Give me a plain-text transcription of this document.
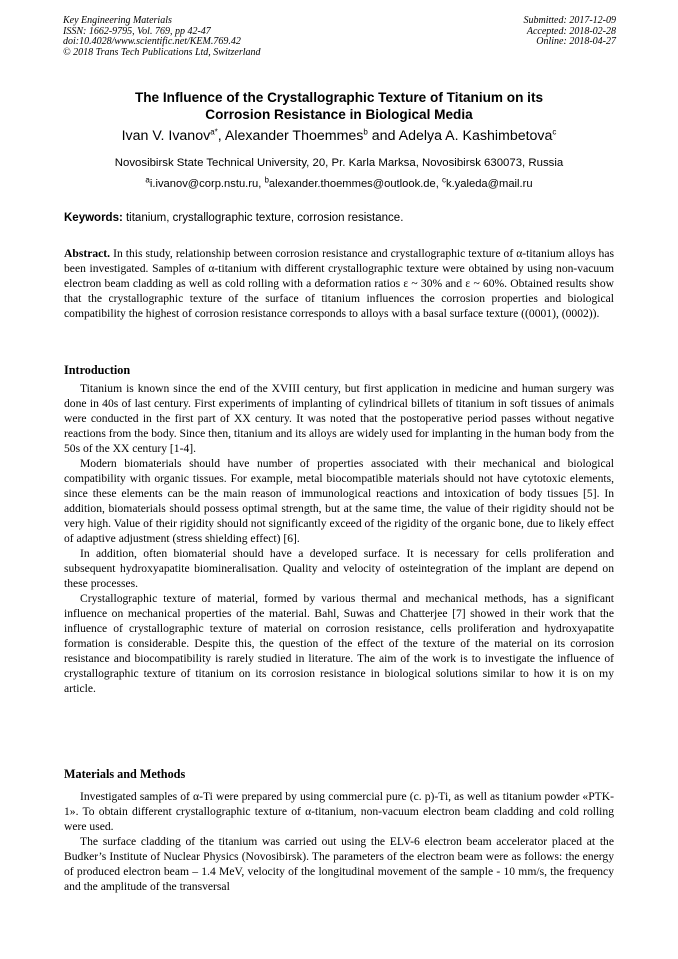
Key Engineering Materials
ISSN: 1662-9795, Vol. 769, pp 42-47
doi:10.4028/www.scientific.net/KEM.769.42
© 2018 Trans Tech Publications Ltd, Switzerland
Submitted: 2017-12-09
Accepted: 2018-02-28
Online: 2018-04-27
The Influence of the Crystallographic Texture of Titanium on its
Corrosion Resistance in Biological Media
Ivan V. Ivanov$^{a*}$, Alexander Thoemmes$^b$ and Adelya A. Kashimbetova$^c$
Novosibirsk State Technical University, 20, Pr. Karla Marksa, Novosibirsk 630073, Russia
$^a$i.ivanov@corp.nstu.ru, $^b$alexander.thoemmes@outlook.de, $^c$k.yaleda@mail.ru
Keywords: titanium, crystallographic texture, corrosion resistance.

Abstract. In this study, relationship between corrosion resistance and crystallographic texture of α-titanium alloys has been investigated. Samples of α-titanium with different crystallographic texture were obtained by using non-vacuum electron beam cladding as well as cold rolling with a deformation ratios ε ~ 30% and ε ~ 60%. Obtained results show that the crystallographic texture of the surface of titanium influences the corrosion properties and biological compatibility the highest of corrosion resistance corresponds to alloys with a basal surface texture ((0001), (0002)).

Introduction

Titanium is known since the end of the XVIII century, but first application in medicine and human surgery was done in 40s of last century. First experiments of implanting of cylindrical billets of titanium in soft tissues of animals were conducted in the first part of XX century. It was noted that the postoperative period passes without negative reactions from the body. Since then, titanium and its alloys are widely used for implanting in the human body from the 50s of the XX century [1-4].

Modern biomaterials should have number of properties associated with their mechanical and biological compatibility with organic tissues. For example, metal biocompatible materials should not have cytotoxic elements, since these elements can be the main reason of immunological reactions and intoxication of body tissues [5]. In addition, biomaterials should possess optimal strength, but at the same time, the value of their rigidity should not be very high. Value of their rigidity should not significantly exceed of the rigidity of the organic bone, due to likely effect of adaptive adjustment (stress shielding effect) [6].

In addition, often biomaterial should have a developed surface. It is necessary for cells proliferation and subsequent hydroxyapatite biomineralisation. Quality and velocity of osteintegration of the implant are depend on these processes.

Crystallographic texture of material, formed by various thermal and mechanical methods, has a significant influence on mechanical properties of the material. Bahl, Suwas and Chatterjee [7] showed in their work that the influence of crystallographic texture of material on corrosion resistance, cells proliferation and hydroxyapatite formation is considerable. Despite this, the question of the effect of the texture of the material on its corrosion resistance and biocompatibility is rarely studied in literature. The aim of the work is to investigate the influence of crystallographic texture of titanium on its corrosion resistance in biological solutions similar to how it is on my article.

Materials and Methods

Investigated samples of α-Ti were prepared by using commercial pure (c. p)-Ti, as well as titanium powder «PTK-1». To obtain different crystallographic texture of α-titanium, non-vacuum electron beam cladding and cold rolling were used.

The surface cladding of the titanium was carried out using the ELV-6 electron beam accelerator placed at the Budker’s Institute of Nuclear Physics (Novosibirsk). The parameters of the electron beam were as follows: the energy of produced electron beam – 1.4 MeV, velocity of the longitudinal movement of the sample - 10 mm/s, the frequency and the amplitude of the transversal
